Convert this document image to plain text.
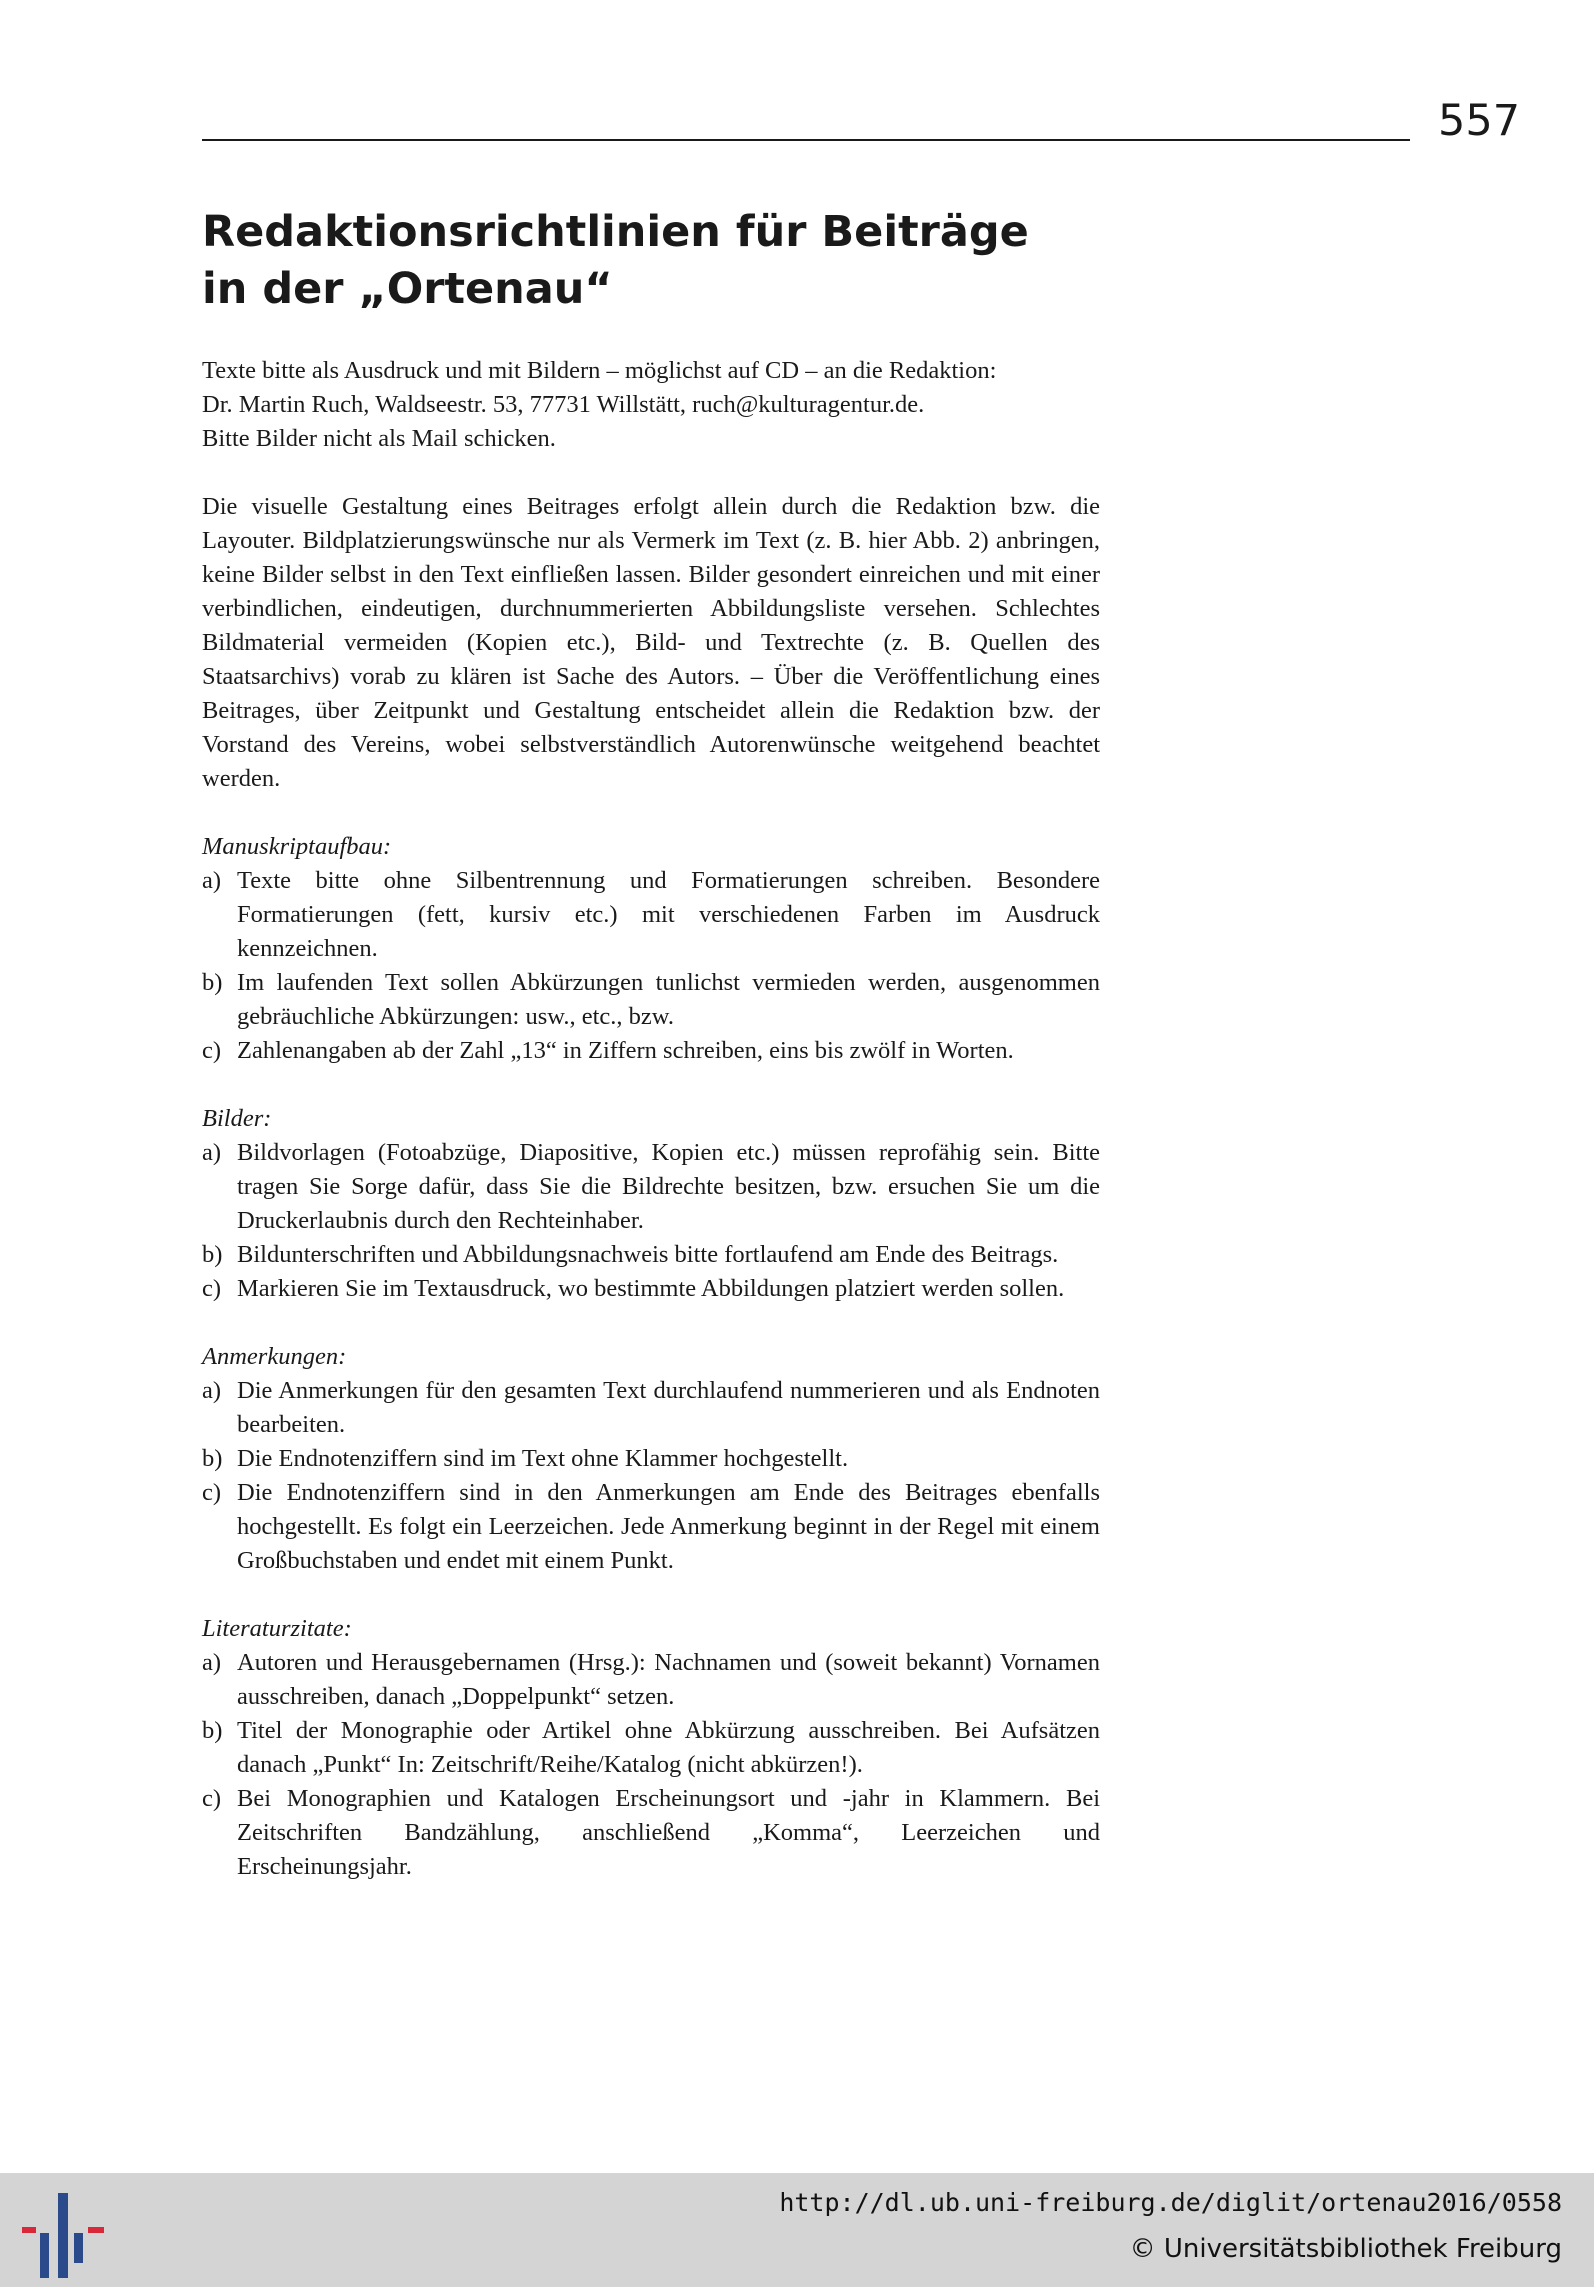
557
Redaktionsrichtlinien für Beiträge
in der „Ortenau“

Texte bitte als Ausdruck und mit Bildern – möglichst auf CD – an die Redaktion:

Dr. Martin Ruch, Waldseestr. 53, 77731 Willstätt, ruch@kulturagentur.de.

Bitte Bilder nicht als Mail schicken.

Die visuelle Gestaltung eines Beitrages erfolgt allein durch die Redaktion bzw. die Layouter. Bildplatzierungswünsche nur als Vermerk im Text (z. B. hier Abb. 2) anbringen, keine Bilder selbst in den Text einfließen lassen. Bilder gesondert einreichen und mit einer verbindlichen, eindeutigen, durchnummerierten Abbildungsliste versehen. Schlechtes Bildmaterial vermeiden (Kopien etc.), Bild- und Textrechte (z. B. Quellen des Staatsarchivs) vorab zu klären ist Sache des Autors. – Über die Veröffentlichung eines Beitrages, über Zeitpunkt und Gestaltung entscheidet allein die Redaktion bzw. der Vorstand des Vereins, wobei selbstverständlich Autorenwünsche weitgehend beachtet werden.

Manuskriptaufbau:

a) Texte bitte ohne Silbentrennung und Formatierungen schreiben. Besondere Formatierungen (fett, kursiv etc.) mit verschiedenen Farben im Ausdruck kennzeichnen.
b) Im laufenden Text sollen Abkürzungen tunlichst vermieden werden, ausgenommen gebräuchliche Abkürzungen: usw., etc., bzw.
c) Zahlenangaben ab der Zahl „13“ in Ziffern schreiben, eins bis zwölf in Worten.

Bilder:

a) Bildvorlagen (Fotoabzüge, Diapositive, Kopien etc.) müssen reprofähig sein. Bitte tragen Sie Sorge dafür, dass Sie die Bildrechte besitzen, bzw. ersuchen Sie um die Druckerlaubnis durch den Rechteinhaber.
b) Bildunterschriften und Abbildungsnachweis bitte fortlaufend am Ende des Beitrags.
c) Markieren Sie im Textausdruck, wo bestimmte Abbildungen platziert werden sollen.

Anmerkungen:

a) Die Anmerkungen für den gesamten Text durchlaufend nummerieren und als Endnoten bearbeiten.
b) Die Endnotenziffern sind im Text ohne Klammer hochgestellt.
c) Die Endnotenziffern sind in den Anmerkungen am Ende des Beitrages ebenfalls hochgestellt. Es folgt ein Leerzeichen. Jede Anmerkung beginnt in der Regel mit einem Großbuchstaben und endet mit einem Punkt.

Literaturzitate:

a) Autoren und Herausgebernamen (Hrsg.): Nachnamen und (soweit bekannt) Vornamen ausschreiben, danach „Doppelpunkt“ setzen.
b) Titel der Monographie oder Artikel ohne Abkürzung ausschreiben. Bei Aufsätzen danach „Punkt“ In: Zeitschrift/Reihe/Katalog (nicht abkürzen!).
c) Bei Monographien und Katalogen Erscheinungsort und -jahr in Klammern. Bei Zeitschriften Bandzählung, anschließend „Komma“, Leerzeichen und Erscheinungsjahr.
http://dl.ub.uni-freiburg.de/diglit/ortenau2016/0558
© Universitätsbibliothek Freiburg
